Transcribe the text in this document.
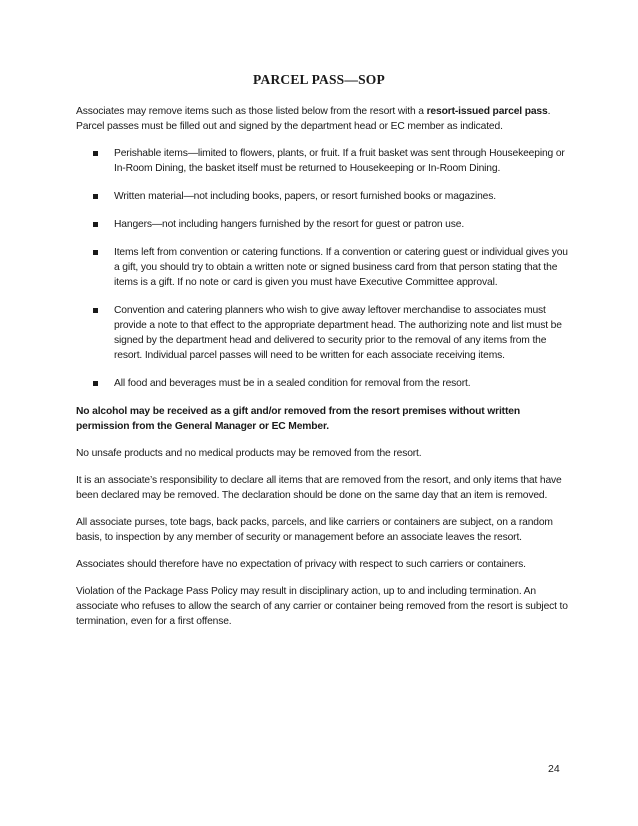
PARCEL PASS—SOP

Associates may remove items such as those listed below from the resort with a resort-issued parcel pass. Parcel passes must be filled out and signed by the department head or EC member as indicated.

Perishable items—limited to flowers, plants, or fruit. If a fruit basket was sent through Housekeeping or In-Room Dining, the basket itself must be returned to Housekeeping or In-Room Dining.
Written material—not including books, papers, or resort furnished books or magazines.
Hangers—not including hangers furnished by the resort for guest or patron use.
Items left from convention or catering functions. If a convention or catering guest or individual gives you a gift, you should try to obtain a written note or signed business card from that person stating that the items is a gift. If no note or card is given you must have Executive Committee approval.
Convention and catering planners who wish to give away leftover merchandise to associates must provide a note to that effect to the appropriate department head. The authorizing note and list must be signed by the department head and delivered to security prior to the removal of any items from the resort. Individual parcel passes will need to be written for each associate receiving items.
All food and beverages must be in a sealed condition for removal from the resort.

No alcohol may be received as a gift and/or removed from the resort premises without written permission from the General Manager or EC Member.

No unsafe products and no medical products may be removed from the resort.

It is an associate’s responsibility to declare all items that are removed from the resort, and only items that have been declared may be removed. The declaration should be done on the same day that an item is removed.

All associate purses, tote bags, back packs, parcels, and like carriers or containers are subject, on a random basis, to inspection by any member of security or management before an associate leaves the resort.

Associates should therefore have no expectation of privacy with respect to such carriers or containers.

Violation of the Package Pass Policy may result in disciplinary action, up to and including termination. An associate who refuses to allow the search of any carrier or container being removed from the resort is subject to termination, even for a first offense.

24
